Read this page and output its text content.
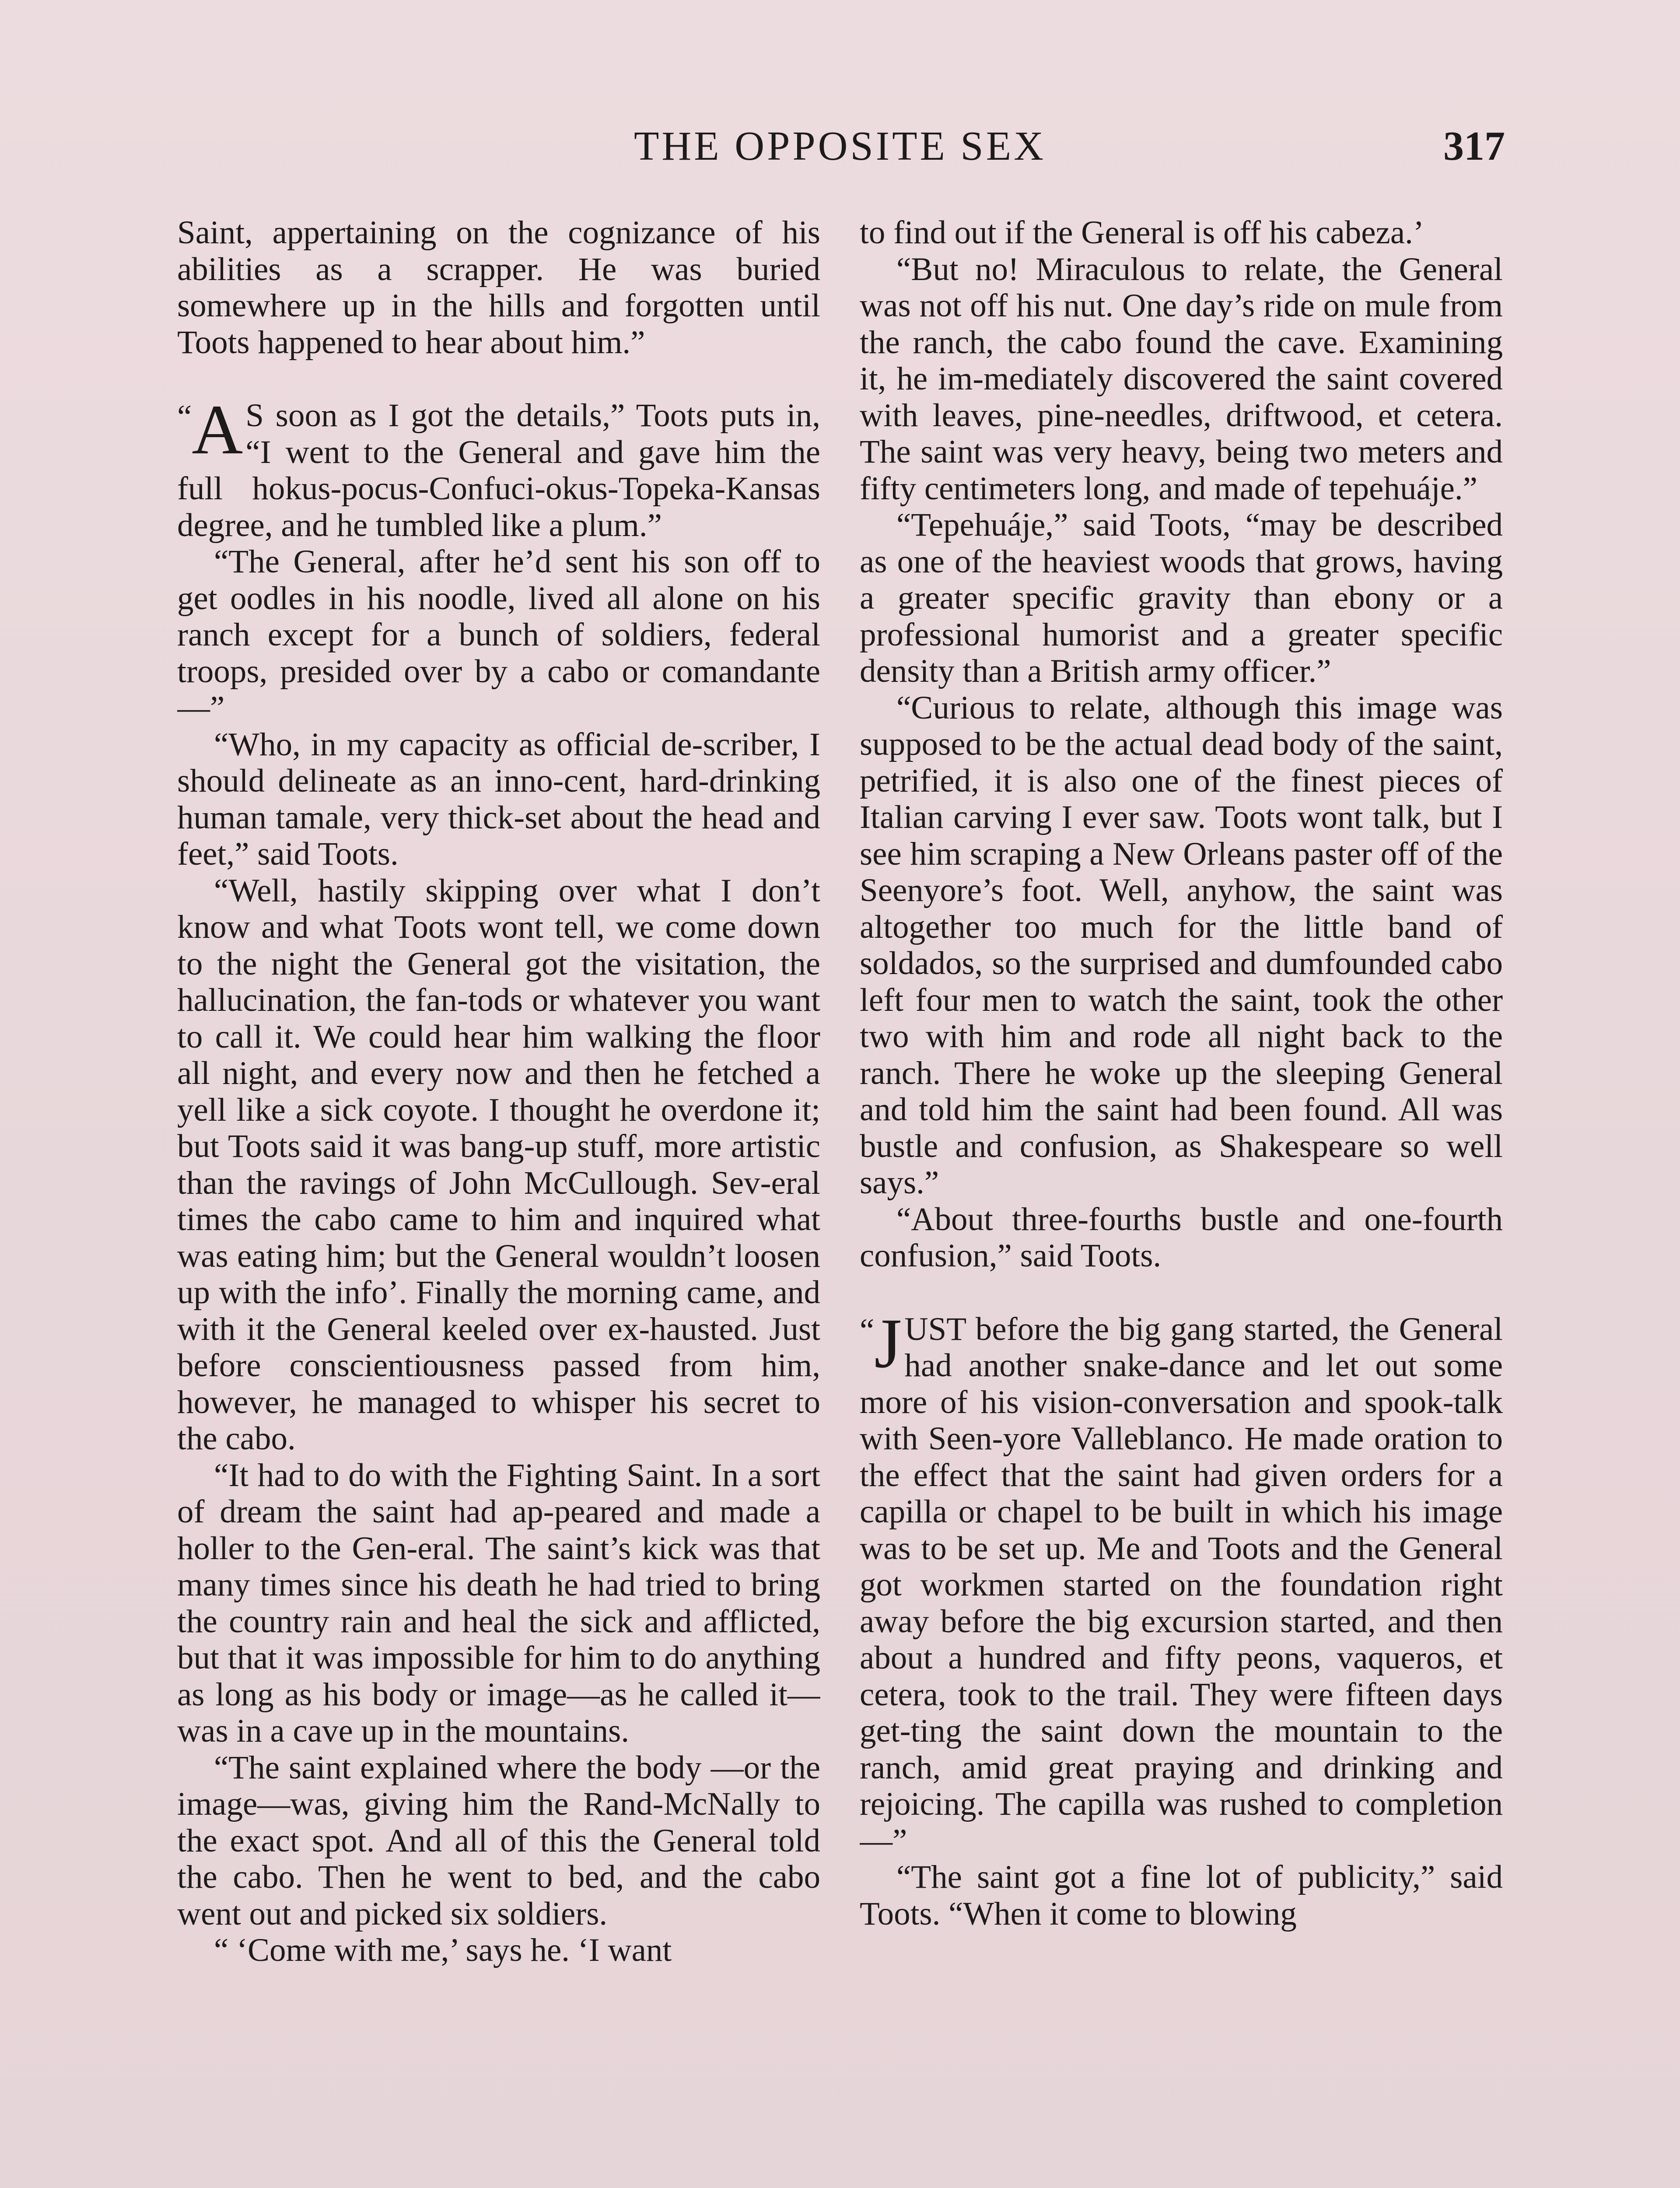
THE OPPOSITE SEX	317

Saint, appertaining on the cognizance of his abilities as a scrapper. He was buried somewhere up in the hills and forgotten until Toots happened to hear about him.”

“ A S soon as I got the details,” Toots puts in, “I went to the General and gave him the full hokus-pocus-Confuci-okus-Topeka-Kansas degree, and he tumbled like a plum.”

“The General, after he’d sent his son off to get oodles in his noodle, lived all alone on his ranch except for a bunch of soldiers, federal troops, presided over by a cabo or comandante—”

“Who, in my capacity as official de-scriber, I should delineate as an inno-cent, hard-drinking human tamale, very thick-set about the head and feet,” said Toots.

“Well, hastily skipping over what I don’t know and what Toots wont tell, we come down to the night the General got the visitation, the hallucination, the fan-tods or whatever you want to call it. We could hear him walking the floor all night, and every now and then he fetched a yell like a sick coyote. I thought he overdone it; but Toots said it was bang-up stuff, more artistic than the ravings of John McCullough. Sev-eral times the cabo came to him and inquired what was eating him; but the General wouldn’t loosen up with the info’. Finally the morning came, and with it the General keeled over ex-hausted. Just before conscientiousness passed from him, however, he managed to whisper his secret to the cabo.

“It had to do with the Fighting Saint. In a sort of dream the saint had ap-peared and made a holler to the Gen-eral. The saint’s kick was that many times since his death he had tried to bring the country rain and heal the sick and afflicted, but that it was impossible for him to do anything as long as his body or image—as he called it—was in a cave up in the mountains.

“The saint explained where the body —or the image—was, giving him the Rand-McNally to the exact spot. And all of this the General told the cabo. Then he went to bed, and the cabo went out and picked six soldiers.

“ ‘Come with me,’ says he. ‘I want

to find out if the General is off his cabeza.’

“But no! Miraculous to relate, the General was not off his nut. One day’s ride on mule from the ranch, the cabo found the cave. Examining it, he im-mediately discovered the saint covered with leaves, pine-needles, driftwood, et cetera. The saint was very heavy, being two meters and fifty centimeters long, and made of tepehuáje.”

“Tepehuáje,” said Toots, “may be described as one of the heaviest woods that grows, having a greater specific gravity than ebony or a professional humorist and a greater specific density than a British army officer.”

“Curious to relate, although this image was supposed to be the actual dead body of the saint, petrified, it is also one of the finest pieces of Italian carving I ever saw. Toots wont talk, but I see him scraping a New Orleans paster off of the Seenyore’s foot. Well, anyhow, the saint was altogether too much for the little band of soldados, so the surprised and dumfounded cabo left four men to watch the saint, took the other two with him and rode all night back to the ranch. There he woke up the sleeping General and told him the saint had been found. All was bustle and confusion, as Shakespeare so well says.”

“About three-fourths bustle and one-fourth confusion,” said Toots.

“ J UST before the big gang started, the General had another snake-dance and let out some more of his vision-conversation and spook-talk with Seen-yore Valleblanco. He made oration to the effect that the saint had given orders for a capilla or chapel to be built in which his image was to be set up. Me and Toots and the General got workmen started on the foundation right away before the big excursion started, and then about a hundred and fifty peons, vaqueros, et cetera, took to the trail. They were fifteen days get-ting the saint down the mountain to the ranch, amid great praying and drinking and rejoicing. The capilla was rushed to completion—”

“The saint got a fine lot of publicity,” said Toots. “When it come to blowing
